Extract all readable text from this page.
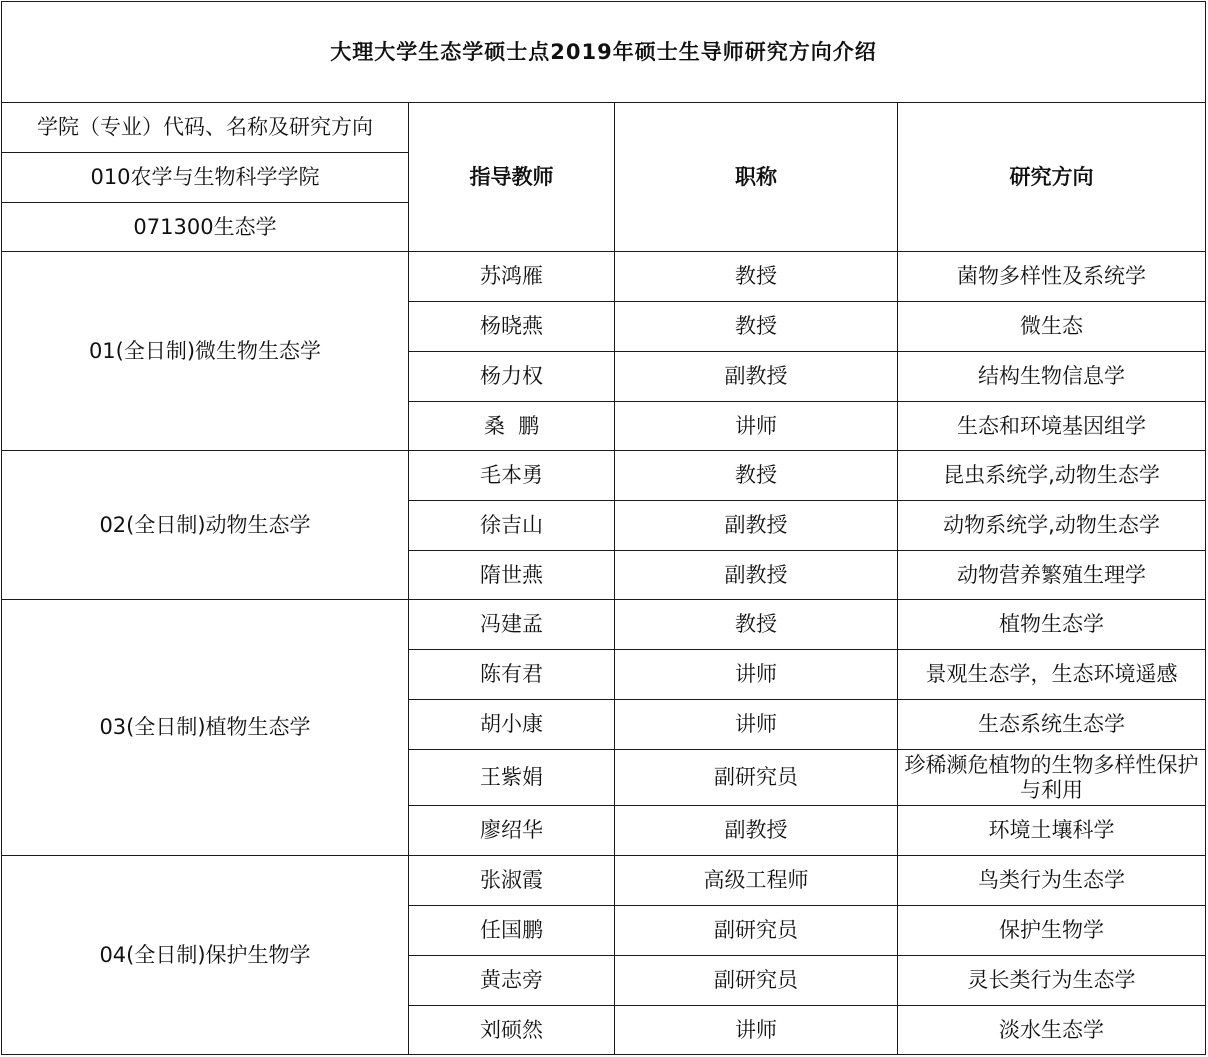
大理大学生态学硕士点2019年硕士生导师研究方向介绍			
学院（专业）代码、名称及研究方向	指导教师	职称	研究方向
010农学与生物科学学院			
071300生态学			
01(全日制)微生物生态学	苏鸿雁	教授	菌物多样性及系统学
	杨晓燕	教授	微生态
	杨力权	副教授	结构生物信息学
	桑  鹏	讲师	生态和环境基因组学
02(全日制)动物生态学	毛本勇	教授	昆虫系统学,动物生态学
	徐吉山	副教授	动物系统学,动物生态学
	隋世燕	副教授	动物营养繁殖生理学
03(全日制)植物生态学	冯建孟	教授	植物生态学
	陈有君	讲师	景观生态学，生态环境遥感
	胡小康	讲师	生态系统生态学
	王紫娟	副研究员	珍稀濒危植物的生物多样性保护与利用
	廖绍华	副教授	环境土壤科学
04(全日制)保护生物学	张淑霞	高级工程师	鸟类行为生态学
	任国鹏	副研究员	保护生物学
	黄志旁	副研究员	灵长类行为生态学
	刘硕然	讲师	淡水生态学
